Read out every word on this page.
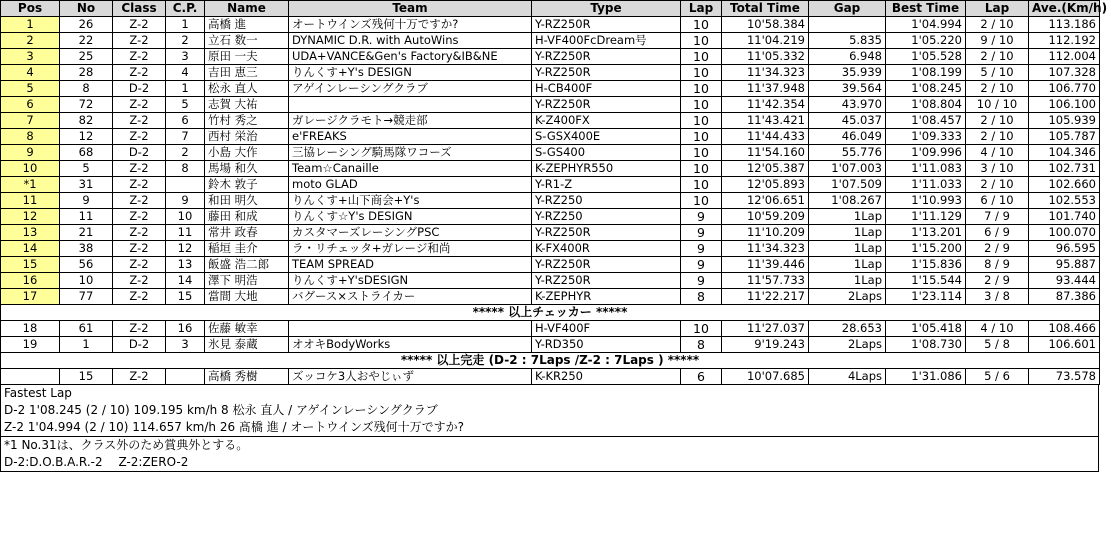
Pos	No	Class	C.P.	Name	Team	Type	Lap	Total Time	Gap	Best Time	Lap	Ave.(Km/h)
1	26	Z-2	1	高橋 進	オートウインズ残何十万ですか?	Y-RZ250R	10	10'58.384		1'04.994	2 / 10	113.186
2	22	Z-2	2	立石 数一	DYNAMIC D.R. with AutoWins	H-VF400FcDream号	10	11'04.219	5.835	1'05.220	9 / 10	112.192
3	25	Z-2	3	原田 一夫	UDA+VANCE&Gen's Factory&IB&NE	Y-RZ250R	10	11'05.332	6.948	1'05.528	2 / 10	112.004
4	28	Z-2	4	吉田 恵三	りんくす+Y's DESIGN	Y-RZ250R	10	11'34.323	35.939	1'08.199	5 / 10	107.328
5	8	D-2	1	松永 直人	アゲインレーシングクラブ	H-CB400F	10	11'37.948	39.564	1'08.245	2 / 10	106.770
6	72	Z-2	5	志賀 大祐		Y-RZ250R	10	11'42.354	43.970	1'08.804	10 / 10	106.100
7	82	Z-2	6	竹村 秀之	ガレージクラモト→競走部	K-Z400FX	10	11'43.421	45.037	1'08.457	2 / 10	105.939
8	12	Z-2	7	西村 栄治	e'FREAKS	S-GSX400E	10	11'44.433	46.049	1'09.333	2 / 10	105.787
9	68	D-2	2	小島 大作	三協レーシング騎馬隊ワコーズ	S-GS400	10	11'54.160	55.776	1'09.996	4 / 10	104.346
10	5	Z-2	8	馬場 和久	Team☆Canaille	K-ZEPHYR550	10	12'05.387	1'07.003	1'11.083	3 / 10	102.731
*1	31	Z-2		鈴木 敦子	moto GLAD	Y-R1-Z	10	12'05.893	1'07.509	1'11.033	2 / 10	102.660
11	9	Z-2	9	和田 明久	りんくす+山下商会+Y's	Y-RZ250	10	12'06.651	1'08.267	1'10.993	6 / 10	102.553
12	11	Z-2	10	藤田 和成	りんくす☆Y's DESIGN	Y-RZ250	9	10'59.209	1Lap	1'11.129	7 / 9	101.740
13	21	Z-2	11	常井 政春	カスタマーズレーシングPSC	Y-RZ250R	9	11'10.209	1Lap	1'13.201	6 / 9	100.070
14	38	Z-2	12	稲垣 圭介	ラ・リチェッタ+ガレージ和尚	K-FX400R	9	11'34.323	1Lap	1'15.200	2 / 9	96.595
15	56	Z-2	13	飯盛 浩二郎	TEAM SPREAD	Y-RZ250R	9	11'39.446	1Lap	1'15.836	8 / 9	95.887
16	10	Z-2	14	澤下 明浩	りんくす+Y'sDESIGN	Y-RZ250R	9	11'57.733	1Lap	1'15.544	2 / 9	93.444
17	77	Z-2	15	當間 大地	バグース×ストライカー	K-ZEPHYR	8	11'22.217	2Laps	1'23.114	3 / 8	87.386
***** 以上チェッカー *****												
18	61	Z-2	16	佐藤 敏幸		H-VF400F	10	11'27.037	28.653	1'05.418	4 / 10	108.466
19	1	D-2	3	氷見 泰蔵	オオキBodyWorks	Y-RD350	8	9'19.243	2Laps	1'08.730	5 / 8	106.601
***** 以上完走 (D-2 : 7Laps /Z-2 : 7Laps ) *****												
	15	Z-2		高橋 秀樹	ズッコケ3人おやじぃず	K-KR250	6	10'07.685	4Laps	1'31.086	5 / 6	73.578
Fastest Lap
D-2 1'08.245 (2 / 10) 109.195 km/h 8 松永 直人 / アゲインレーシングクラブ
Z-2 1'04.994 (2 / 10) 114.657 km/h 26 髙橋 進 / オートウインズ残何十万ですか?
*1 No.31は、クラス外のため賞典外とする。
D-2:D.O.B.A.R.-2　 Z-2:ZERO-2
